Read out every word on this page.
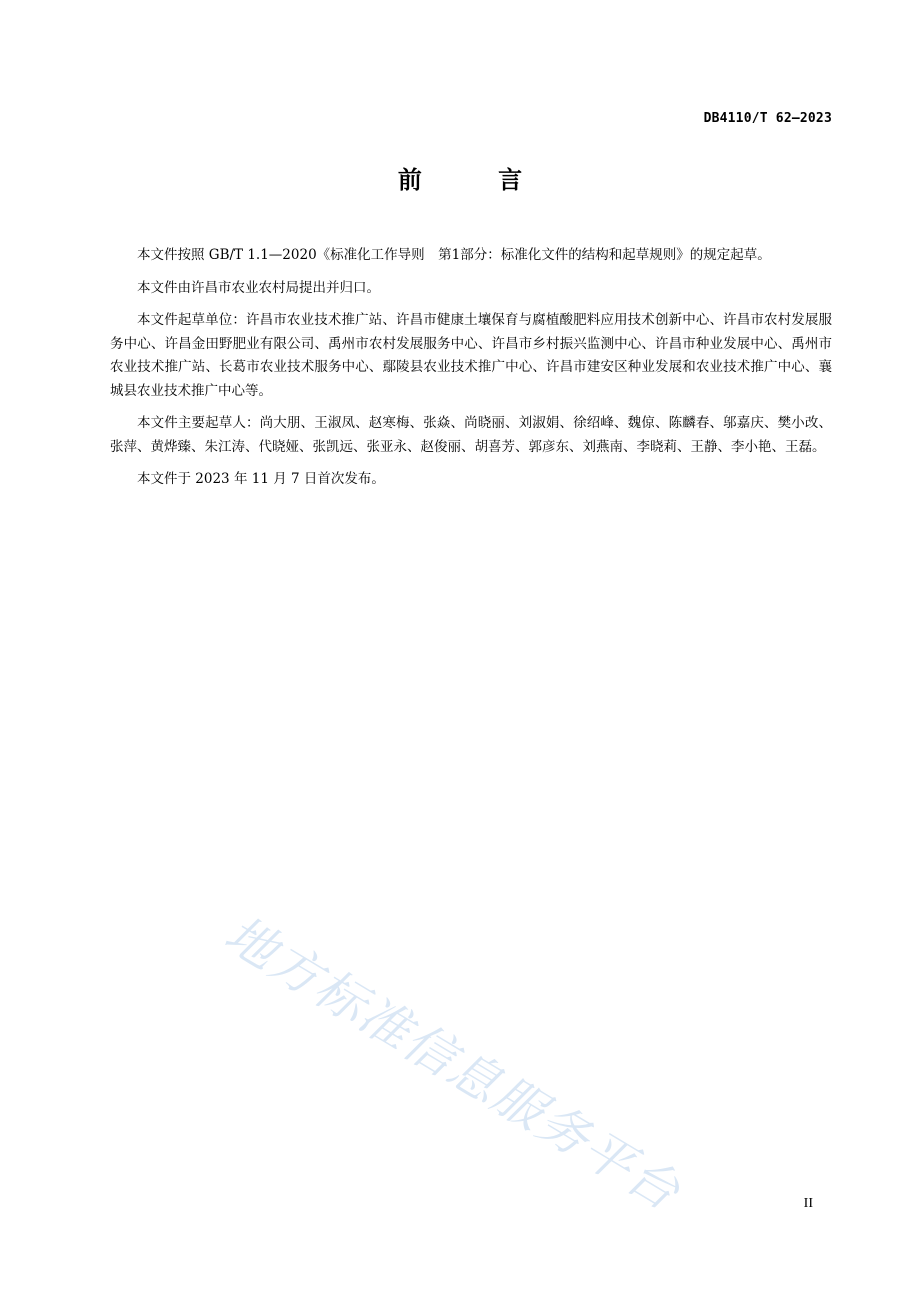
DB4110/T 62—2023
前 言

本文件按照 GB/T 1.1—2020《标准化工作导则　第1部分：标准化文件的结构和起草规则》的规定起草。

本文件由许昌市农业农村局提出并归口。

本文件起草单位：许昌市农业技术推广站、许昌市健康土壤保育与腐植酸肥料应用技术创新中心、许昌市农村发展服务中心、许昌金田野肥业有限公司、禹州市农村发展服务中心、许昌市乡村振兴监测中心、许昌市种业发展中心、禹州市农业技术推广站、长葛市农业技术服务中心、鄢陵县农业技术推广中心、许昌市建安区种业发展和农业技术推广中心、襄城县农业技术推广中心等。

本文件主要起草人：尚大朋、王淑凤、赵寒梅、张焱、尚晓丽、刘淑娟、徐绍峰、魏倞、陈麟春、邬嘉庆、樊小改、张萍、黄烨臻、朱江涛、代晓娅、张凯远、张亚永、赵俊丽、胡喜芳、郭彦东、刘燕南、李晓莉、王静、李小艳、王磊。

本文件于 2023 年 11 月 7 日首次发布。

地方标准信息服务平台	II
